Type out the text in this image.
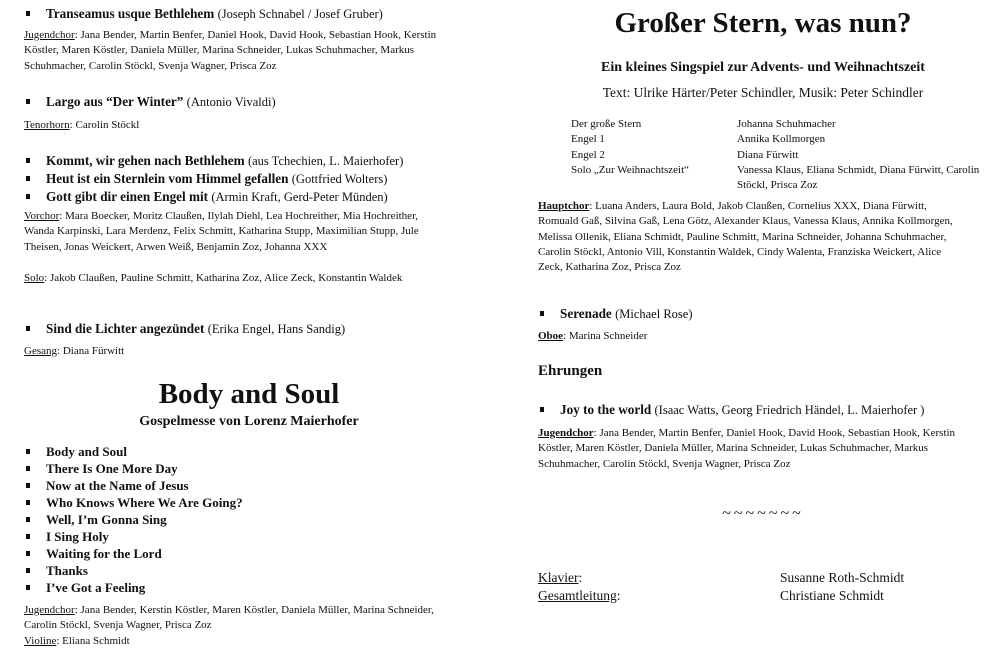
Transeamus usque Bethlehem (Joseph Schnabel / Josef Gruber)
Jugendchor: Jana Bender, Martin Benfer, Daniel Hook, David Hook, Sebastian Hook, Kerstin Köstler, Maren Köstler, Daniela Müller, Marina Schneider, Lukas Schuhmacher, Markus Schuhmacher, Carolin Stöckl, Svenja Wagner, Prisca Zoz
Largo aus “Der Winter” (Antonio Vivaldi)
Tenorhorn: Carolin Stöckl
Kommt, wir gehen nach Bethlehem (aus Tchechien, L. Maierhofer)
Heut ist ein Sternlein vom Himmel gefallen (Gottfried Wolters)
Gott gibt dir einen Engel mit (Armin Kraft, Gerd-Peter Münden)
Vorchor: Mara Boecker, Moritz Claußen, Ilylah Diehl, Lea Hochreither, Mia Hochreither, Wanda Karpinski, Lara Merdenz, Felix Schmitt, Katharina Stupp, Maximilian Stupp, Jule Theisen, Jonas Weickert, Arwen Weiß, Benjamin Zoz, Johanna XXX
Solo: Jakob Claußen, Pauline Schmitt, Katharina Zoz, Alice Zeck, Konstantin Waldek
Sind die Lichter angezündet (Erika Engel, Hans Sandig)
Gesang: Diana Fürwitt
Body and Soul
Gospelmesse von Lorenz Maierhofer
Body and Soul
There Is One More Day
Now at the Name of Jesus
Who Knows Where We Are Going?
Well, I’m Gonna Sing
I Sing Holy
Waiting for the Lord
Thanks
I’ve Got a Feeling
Jugendchor: Jana Bender, Kerstin Köstler, Maren Köstler, Daniela Müller, Marina Schneider, Carolin Stöckl, Svenja Wagner, Prisca Zoz
Violine: Eliana Schmidt
Großer Stern, was nun?
Ein kleines Singspiel zur Advents- und Weihnachtszeit
Text: Ulrike Härter/Peter Schindler, Musik: Peter Schindler
Der große Stern	Johanna Schuhmacher
Engel 1	Annika Kollmorgen
Engel 2	Diana Fürwitt
Solo „Zur Weihnachtszeit“	Vanessa Klaus, Eliana Schmidt, Diana Fürwitt, Carolin Stöckl, Prisca Zoz
Hauptchor: Luana Anders, Laura Bold, Jakob Claußen, Cornelius XXX, Diana Fürwitt, Romuald Gaß, Silvina Gaß, Lena Götz, Alexander Klaus, Vanessa Klaus, Annika Kollmorgen, Melissa Ollenik, Eliana Schmidt, Pauline Schmitt, Marina Schneider, Johanna Schuhmacher, Carolin Stöckl, Antonio Vill, Konstantin Waldek, Cindy Walenta, Franziska Weickert, Alice Zeck, Katharina Zoz, Prisca Zoz
Serenade (Michael Rose)
Oboe: Marina Schneider
Ehrungen
Joy to the world (Isaac Watts, Georg Friedrich Händel, L. Maierhofer )
Jugendchor: Jana Bender, Martin Benfer, Daniel Hook, David Hook, Sebastian Hook, Kerstin Köstler, Maren Köstler, Daniela Müller, Marina Schneider, Lukas Schuhmacher, Markus Schuhmacher, Carolin Stöckl, Svenja Wagner, Prisca Zoz
~~~~~~~
Klavier:	Susanne Roth-Schmidt
Gesamtleitung:	Christiane Schmidt
